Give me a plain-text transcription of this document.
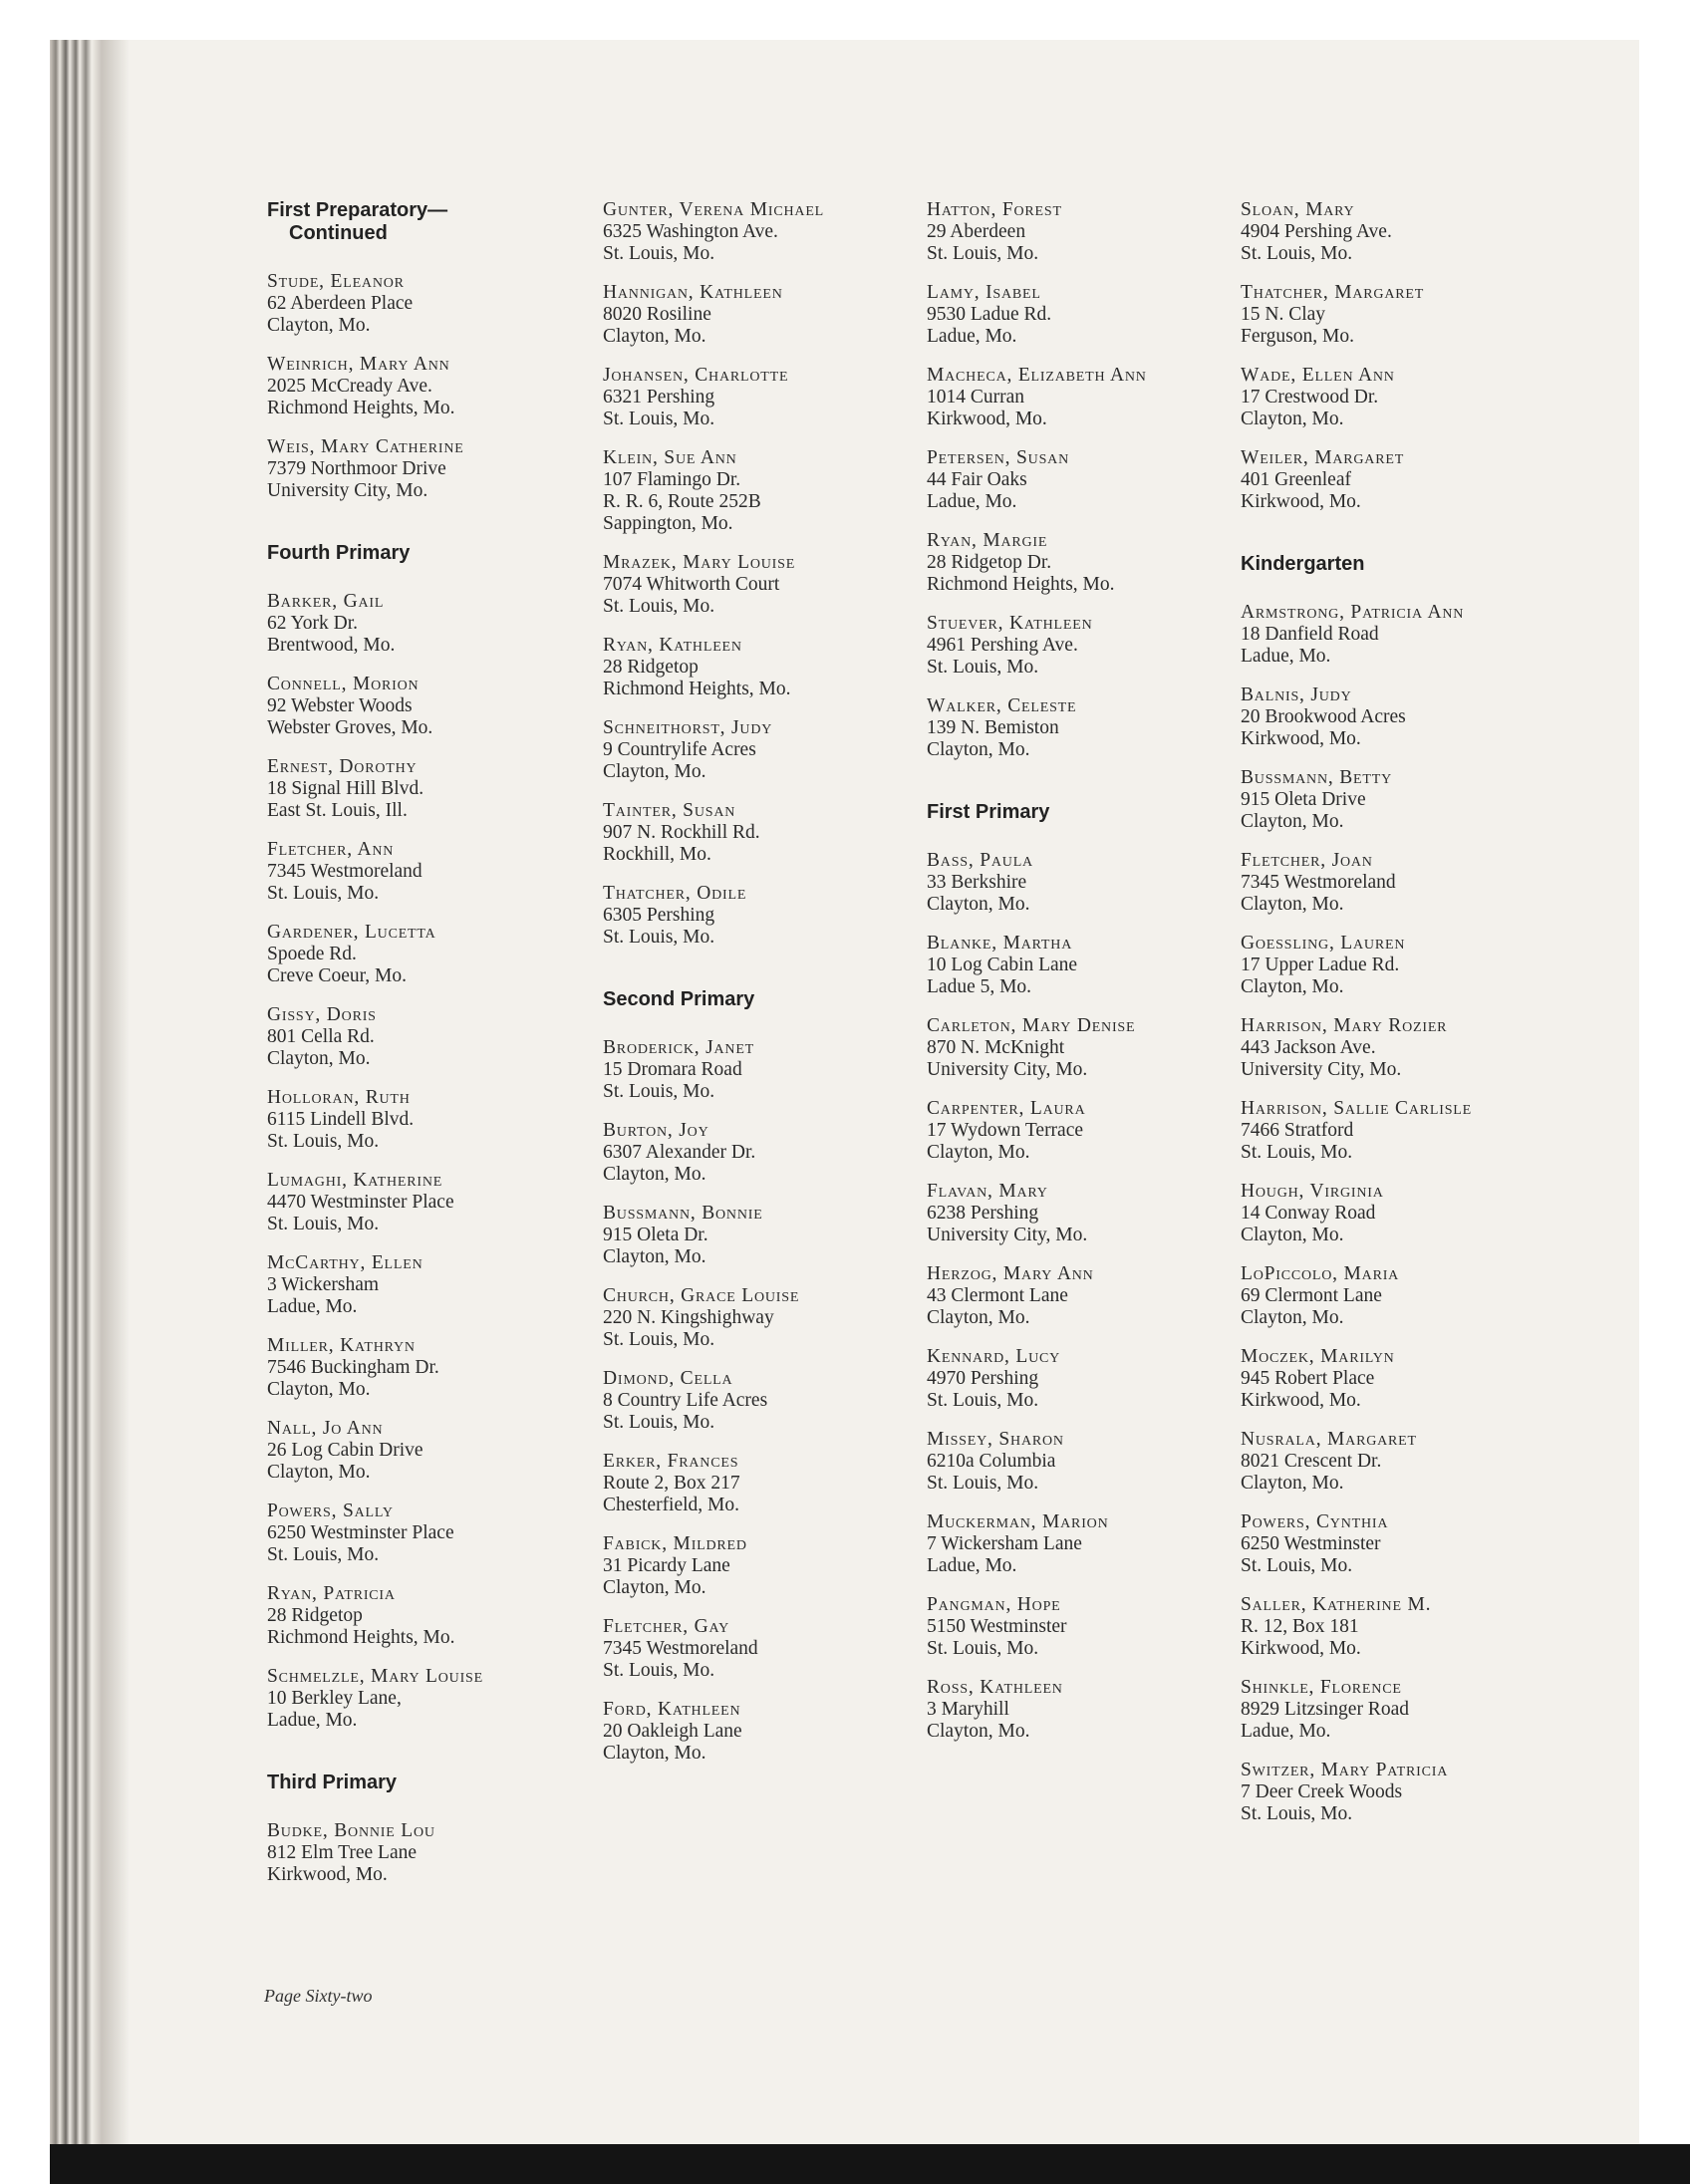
First Preparatory—
Continued
Stude, Eleanor
62 Aberdeen Place
Clayton, Mo.
Weinrich, Mary Ann
2025 McCready Ave.
Richmond Heights, Mo.
Weis, Mary Catherine
7379 Northmoor Drive
University City, Mo.
Fourth Primary
Barker, Gail
62 York Dr.
Brentwood, Mo.
Connell, Morion
92 Webster Woods
Webster Groves, Mo.
Ernest, Dorothy
18 Signal Hill Blvd.
East St. Louis, Ill.
Fletcher, Ann
7345 Westmoreland
St. Louis, Mo.
Gardener, Lucetta
Spoede Rd.
Creve Coeur, Mo.
Gissy, Doris
801 Cella Rd.
Clayton, Mo.
Holloran, Ruth
6115 Lindell Blvd.
St. Louis, Mo.
Lumaghi, Katherine
4470 Westminster Place
St. Louis, Mo.
McCarthy, Ellen
3 Wickersham
Ladue, Mo.
Miller, Kathryn
7546 Buckingham Dr.
Clayton, Mo.
Nall, Jo Ann
26 Log Cabin Drive
Clayton, Mo.
Powers, Sally
6250 Westminster Place
St. Louis, Mo.
Ryan, Patricia
28 Ridgetop
Richmond Heights, Mo.
Schmelzle, Mary Louise
10 Berkley Lane,
Ladue, Mo.
Third Primary
Budke, Bonnie Lou
812 Elm Tree Lane
Kirkwood, Mo.
Gunter, Verena Michael
6325 Washington Ave.
St. Louis, Mo.
Hannigan, Kathleen
8020 Rosiline
Clayton, Mo.
Johansen, Charlotte
6321 Pershing
St. Louis, Mo.
Klein, Sue Ann
107 Flamingo Dr.
R. R. 6, Route 252B
Sappington, Mo.
Mrazek, Mary Louise
7074 Whitworth Court
St. Louis, Mo.
Ryan, Kathleen
28 Ridgetop
Richmond Heights, Mo.
Schneithorst, Judy
9 Countrylife Acres
Clayton, Mo.
Tainter, Susan
907 N. Rockhill Rd.
Rockhill, Mo.
Thatcher, Odile
6305 Pershing
St. Louis, Mo.
Second Primary
Broderick, Janet
15 Dromara Road
St. Louis, Mo.
Burton, Joy
6307 Alexander Dr.
Clayton, Mo.
Bussmann, Bonnie
915 Oleta Dr.
Clayton, Mo.
Church, Grace Louise
220 N. Kingshighway
St. Louis, Mo.
Dimond, Cella
8 Country Life Acres
St. Louis, Mo.
Erker, Frances
Route 2, Box 217
Chesterfield, Mo.
Fabick, Mildred
31 Picardy Lane
Clayton, Mo.
Fletcher, Gay
7345 Westmoreland
St. Louis, Mo.
Ford, Kathleen
20 Oakleigh Lane
Clayton, Mo.
Hatton, Forest
29 Aberdeen
St. Louis, Mo.
Lamy, Isabel
9530 Ladue Rd.
Ladue, Mo.
Macheca, Elizabeth Ann
1014 Curran
Kirkwood, Mo.
Petersen, Susan
44 Fair Oaks
Ladue, Mo.
Ryan, Margie
28 Ridgetop Dr.
Richmond Heights, Mo.
Stuever, Kathleen
4961 Pershing Ave.
St. Louis, Mo.
Walker, Celeste
139 N. Bemiston
Clayton, Mo.
First Primary
Bass, Paula
33 Berkshire
Clayton, Mo.
Blanke, Martha
10 Log Cabin Lane
Ladue 5, Mo.
Carleton, Mary Denise
870 N. McKnight
University City, Mo.
Carpenter, Laura
17 Wydown Terrace
Clayton, Mo.
Flavan, Mary
6238 Pershing
University City, Mo.
Herzog, Mary Ann
43 Clermont Lane
Clayton, Mo.
Kennard, Lucy
4970 Pershing
St. Louis, Mo.
Missey, Sharon
6210a Columbia
St. Louis, Mo.
Muckerman, Marion
7 Wickersham Lane
Ladue, Mo.
Pangman, Hope
5150 Westminster
St. Louis, Mo.
Ross, Kathleen
3 Maryhill
Clayton, Mo.
Sloan, Mary
4904 Pershing Ave.
St. Louis, Mo.
Thatcher, Margaret
15 N. Clay
Ferguson, Mo.
Wade, Ellen Ann
17 Crestwood Dr.
Clayton, Mo.
Weiler, Margaret
401 Greenleaf
Kirkwood, Mo.
Kindergarten
Armstrong, Patricia Ann
18 Danfield Road
Ladue, Mo.
Balnis, Judy
20 Brookwood Acres
Kirkwood, Mo.
Bussmann, Betty
915 Oleta Drive
Clayton, Mo.
Fletcher, Joan
7345 Westmoreland
Clayton, Mo.
Goessling, Lauren
17 Upper Ladue Rd.
Clayton, Mo.
Harrison, Mary Rozier
443 Jackson Ave.
University City, Mo.
Harrison, Sallie Carlisle
7466 Stratford
St. Louis, Mo.
Hough, Virginia
14 Conway Road
Clayton, Mo.
LoPiccolo, Maria
69 Clermont Lane
Clayton, Mo.
Moczek, Marilyn
945 Robert Place
Kirkwood, Mo.
Nusrala, Margaret
8021 Crescent Dr.
Clayton, Mo.
Powers, Cynthia
6250 Westminster
St. Louis, Mo.
Saller, Katherine M.
R. 12, Box 181
Kirkwood, Mo.
Shinkle, Florence
8929 Litzsinger Road
Ladue, Mo.
Switzer, Mary Patricia
7 Deer Creek Woods
St. Louis, Mo.
Page Sixty-two
